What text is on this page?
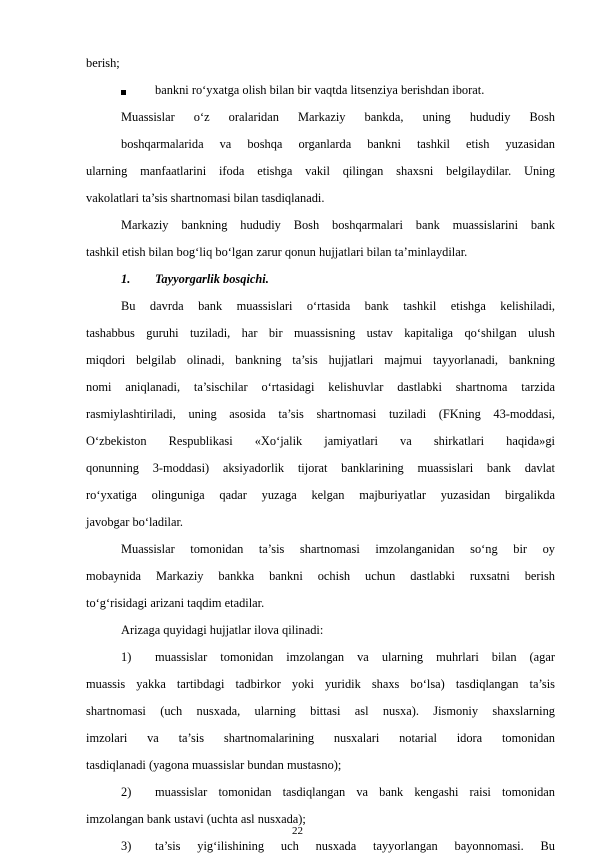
berish;
bankni ro‘yxatga olish bilan bir vaqtda litsenziya berishdan iborat.
Muassislar o‘z oralaridan Markaziy bankda, uning hududiy Bosh
boshqarmalarida va boshqa organlarda bankni tashkil etish yuzasidan
ularning manfaatlarini ifoda etishga vakil qilingan shaxsni belgilaydilar. Uning
vakolatlari ta’sis shartnomasi bilan tasdiqlanadi.
Markaziy bankning hududiy Bosh boshqarmalari bank muassislarini bank
tashkil etish bilan bog‘liq bo‘lgan zarur qonun hujjatlari bilan ta’minlaydilar.
1. Tayyorgarlik bosqichi.
Bu davrda bank muassislari o‘rtasida bank tashkil etishga kelishiladi,
tashabbus guruhi tuziladi, har bir muassisning ustav kapitaliga qo‘shilgan ulush
miqdori belgilab olinadi, bankning ta’sis hujjatlari majmui tayyorlanadi, bankning
nomi aniqlanadi, ta’sischilar o‘rtasidagi kelishuvlar dastlabki shartnoma tarzida
rasmiylashtiriladi, uning asosida ta’sis shartnomasi tuziladi (FKning 43-moddasi,
O‘zbekiston Respublikasi «Xo‘jalik jamiyatlari va shirkatlari haqida»gi
qonunning 3-moddasi) aksiyadorlik tijorat banklarining muassislari bank davlat
ro‘yxatiga olinguniga qadar yuzaga kelgan majburiyatlar yuzasidan birgalikda
javobgar bo‘ladilar.
Muassislar tomonidan ta’sis shartnomasi imzolanganidan so‘ng bir oy
mobaynida Markaziy bankka bankni ochish uchun dastlabki ruxsatni berish
to‘g‘risidagi arizani taqdim etadilar.
Arizaga quyidagi hujjatlar ilova qilinadi:
1) muassislar tomonidan imzolangan va ularning muhrlari bilan (agar
muassis yakka tartibdagi tadbirkor yoki yuridik shaxs bo‘lsa) tasdiqlangan ta’sis
shartnomasi (uch nusxada, ularning bittasi asl nusxa). Jismoniy shaxslarning
imzolari va ta’sis shartnomalarining nusxalari notarial idora tomonidan
tasdiqlanadi (yagona muassislar bundan mustasno);
2) muassislar tomonidan tasdiqlangan va bank kengashi raisi tomonidan
imzolangan bank ustavi (uchta asl nusxada);
3) ta’sis yig‘ilishining uch nusxada tayyorlangan bayonnomasi. Bu
22
